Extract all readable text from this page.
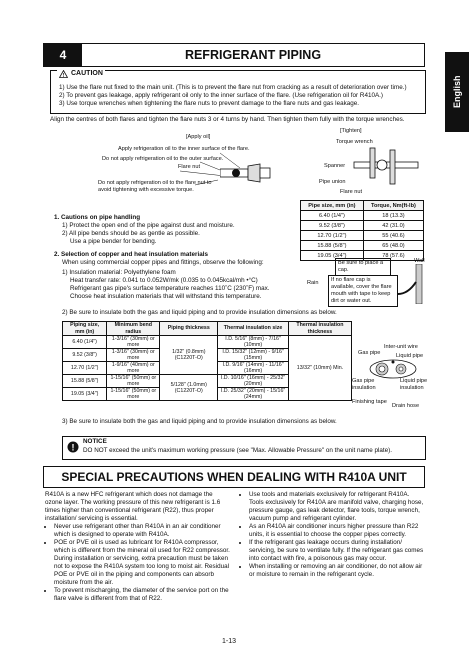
English
4	REFRIGERANT PIPING
! CAUTION
1) Use the flare nut fixed to the main unit. (This is to prevent the flare nut from cracking as a result of deterioration over time.)
2) To prevent gas leakage, apply refrigerant oil only to the inner surface of the flare. (Use refrigeration oil for R410A.)
3) Use torque wrenches when tightening the flare nuts to prevent damage to the flare nuts and gas leakage.
Align the centres of both flares and tighten the flare nuts 3 or 4 turns by hand. Then tighten them fully with the torque wrenches.
[Apply oil]
Apply refrigeration oil to the inner surface of the flare.
Do not apply refrigeration oil to the outer surface.
Flare nut
Do not apply refrigeration oil to the flare nut to
avoid tightening with excessive torque.
[Tighten]
Torque wrench
Spanner
Pipe union
Flare nut
Pipe size, mm (in)	Torque, Nm(ft-lb)
6.40 (1/4")	18 (13.3)
9.52 (3/8")	42 (31.0)
12.70 (1/2")	55 (40.6)
15.88 (5/8")	65 (48.0)
19.05 (3/4")	78 (57.6)
1. Cautions on pipe handling
1) Protect the open end of the pipe against dust and moisture.
2) All pipe bends should be as gentle as possible.
Use a pipe bender for bending.
2. Selection of copper and heat insulation materials
When using commercial copper pipes and fittings, observe the following:
1) Insulation material: Polyethylene foam
Heat transfer rate: 0.041 to 0.052W/mk (0.035 to 0.045kcal/mh •°C)
Refrigerant gas pipe's surface temperature reaches 110˚C (230˚F) max.
Choose heat insulation materials that will withstand this temperature.
Be sure to place a cap.
Wall
Rain	If no flare cap is available, cover the flare mouth with tape to keep dirt or water out.
2) Be sure to insulate both the gas and liquid piping and to provide insulation dimensions as below.
Piping size, mm (in)	Minimum bend radius	Piping thickness	Thermal insulation size	Thermal insulation thickness
6.40 (1/4")	1-3/16" (30mm) or more	1/32" (0.8mm) (C1220T-O)	I.D. 5/16" (8mm) - 7/16" (10mm)	13/32" (10mm) Min.
9.52 (3/8")	1-3/16" (30mm) or more		I.D. 15/32" (12mm) - 9/16" (15mm)	
12.70 (1/2")	1-9/16" (40mm) or more		I.D. 9/16" (14mm) - 11/16" (16mm)	
15.88 (5/8")	1-15/16" (50mm) or more	5/128" (1.0mm) (C1220T-O)	I.D. 10/16" (16mm) - 25/32" (20mm)	
19.05 (3/4")	1-15/16" (50mm) or more		I.D. 25/32" (20mm) - 15/16" (24mm)	
Inter-unit wire
Gas pipe	Liquid pipe
Gas pipe insulation
Liquid pipe insulation
Finishing tape
Drain hose
3) Be sure to insulate both the gas and liquid piping and to provide insulation dimensions as below.
!
NOTICE
DO NOT exceed the unit's maximum working pressure (see "Max. Allowable Pressure" on the unit name plate).
SPECIAL PRECAUTIONS WHEN DEALING WITH R410A UNIT
R410A is a new HFC refrigerant which does not damage the ozone layer. The working pressure of this new refrigerant is 1.6 times higher than conventional refrigerant (R22), thus proper installation/ servicing is essential.
• Never use refrigerant other than R410A in an air conditioner which is designed to operate with R410A.
• POE or PVE oil is used as lubricant for R410A compressor, which is different from the mineral oil used for R22 compressor. During installation or servicing, extra precaution must be taken not to expose the R410A system too long to moist air. Residual POE or PVE oil in the piping and components can absorb moisture from the air.
• To prevent mischarging, the diameter of the service port on the flare valve is different from that of R22.
• Use tools and materials exclusively for refrigerant R410A. Tools exclusively for R410A are manifold valve, charging hose, pressure gauge, gas leak detector, flare tools, torque wrench, vacuum pump and refrigerant cylinder.
• As an R410A air conditioner incurs higher pressure than R22 units, it is essential to choose the copper pipes correctly.
• If the refrigerant gas leakage occurs during installation/ servicing, be sure to ventilate fully. If the refrigerant gas comes into contact with fire, a poisonous gas may occur.
• When installing or removing an air conditioner, do not allow air or moisture to remain in the refrigerant cycle.
1-13
